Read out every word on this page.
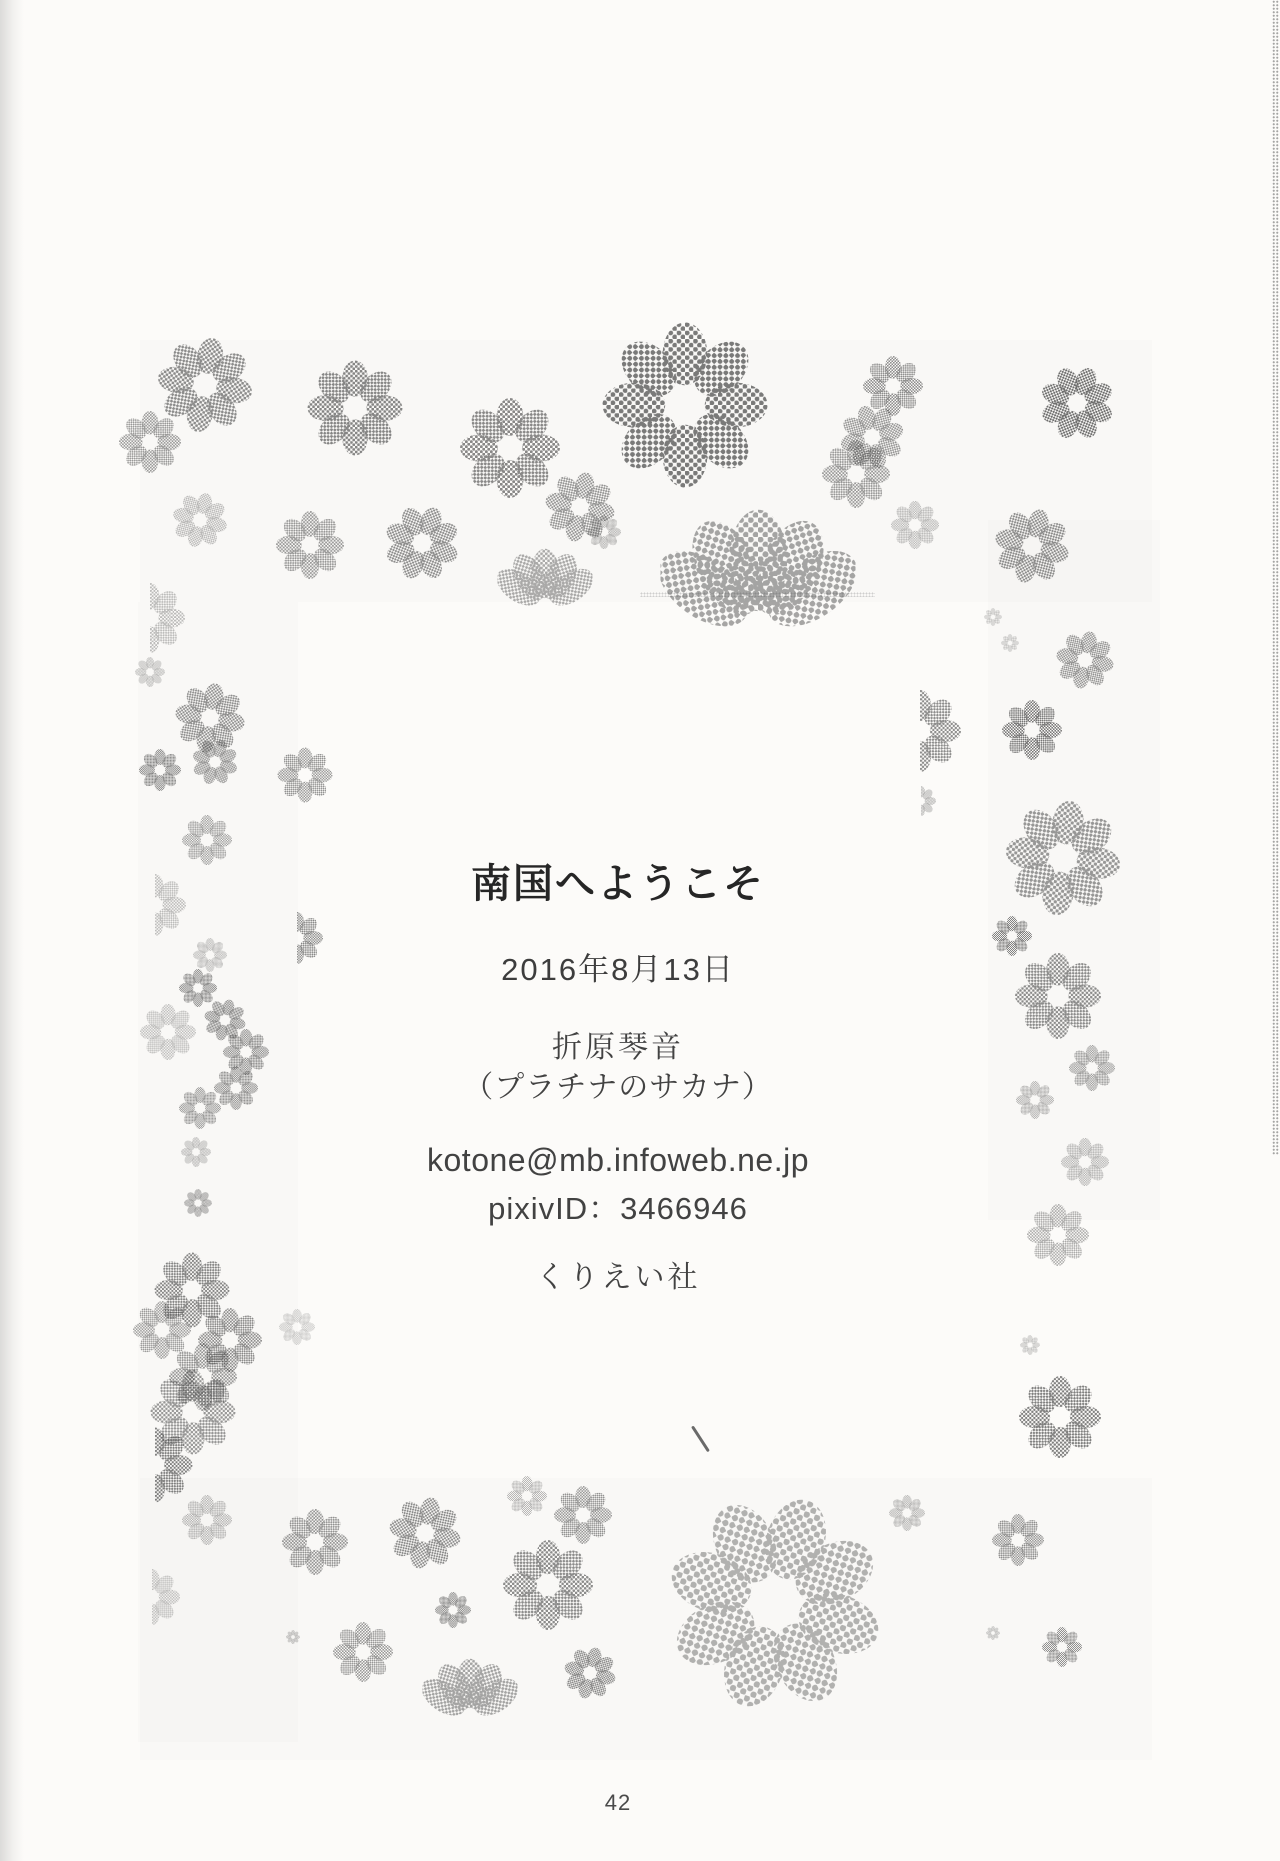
南国へようこそ
2016年8月13日
折原琴音
（プラチナのサカナ）
kotone@mb.infoweb.ne.jp
pixivID：3466946
くりえい社
42
